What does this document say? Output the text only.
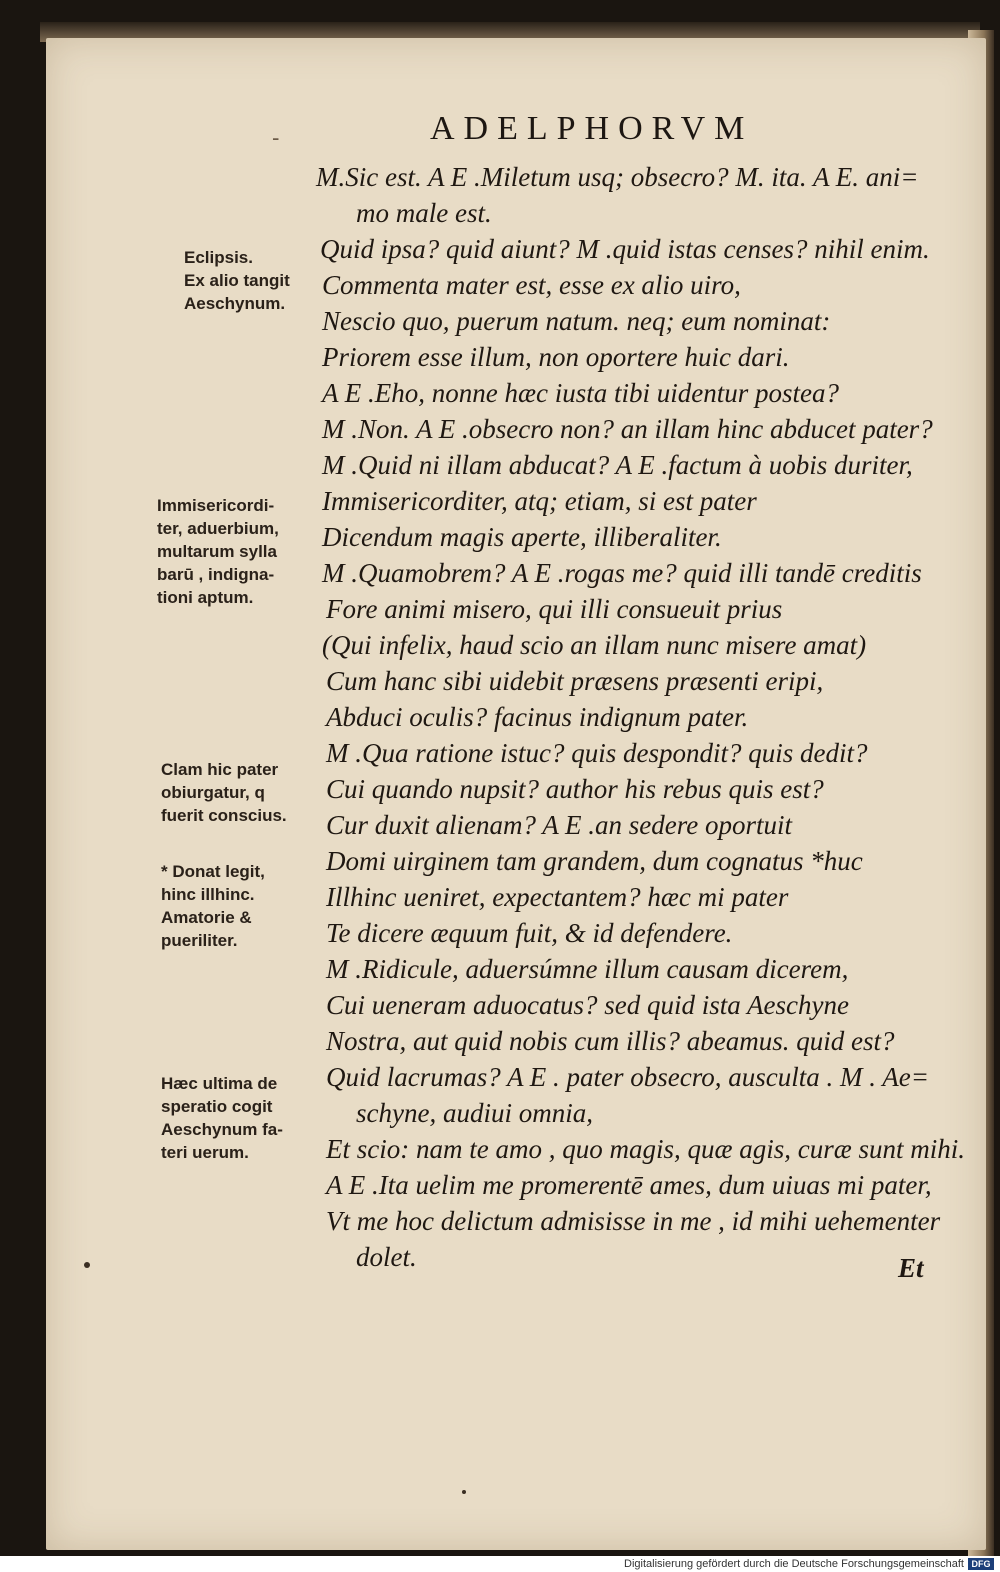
-	ADELPHORVM
M.Sic est. A E .Miletum usq; obsecro? M. ita. A E. ani=
mo male est.
Quid ipsa? quid aiunt? M .quid istas censes? nihil enim.
Commenta mater est, esse ex alio uiro,
Nescio quo, puerum natum. neq; eum nominat:
Priorem esse illum, non oportere huic dari.
A E .Eho, nonne hæc iusta tibi uidentur postea?
M .Non. A E .obsecro non? an illam hinc abducet pater?
M .Quid ni illam abducat? A E .factum à uobis duriter,
Immisericorditer, atq; etiam, si est pater
Dicendum magis aperte, illiberaliter.
M .Quamobrem? A E .rogas me? quid illi tandē creditis
Fore animi misero, qui illi consueuit prius
(Qui infelix, haud scio an illam nunc misere amat)
Cum hanc sibi uidebit præsens præsenti eripi,
Abduci oculis? facinus indignum pater.
M .Qua ratione istuc? quis despondit? quis dedit?
Cui quando nupsit? author his rebus quis est?
Cur duxit alienam? A E .an sedere oportuit
Domi uirginem tam grandem, dum cognatus *huc
Illhinc ueniret, expectantem? hæc mi pater
Te dicere æquum fuit, & id defendere.
M .Ridicule, aduersúmne illum causam dicerem,
Cui ueneram aduocatus? sed quid ista Aeschyne
Nostra, aut quid nobis cum illis? abeamus. quid est?
Quid lacrumas? A E . pater obsecro, ausculta . M . Ae=
schyne, audiui omnia,
Et scio: nam te amo , quo magis, quæ agis, curæ sunt mihi.
A E .Ita uelim me promerentē ames, dum uiuas mi pater,
Vt me hoc delictum admisisse in me , id mihi uehementer
dolet.
Eclipsis.
Ex alio tangit
Aeschynum.
Immisericordi-
ter, aduerbium,
multarum sylla
barū , indigna-
tioni aptum.
Clam hic pater
obiurgatur, q
fuerit conscius.
* Donat legit,
hinc illhinc.
Amatorie &
pueriliter.
Hæc ultima de
speratio cogit
Aeschynum fa-
teri uerum.
Et
Digitalisierung gefördert durch die Deutsche Forschungsgemeinschaft DFG
